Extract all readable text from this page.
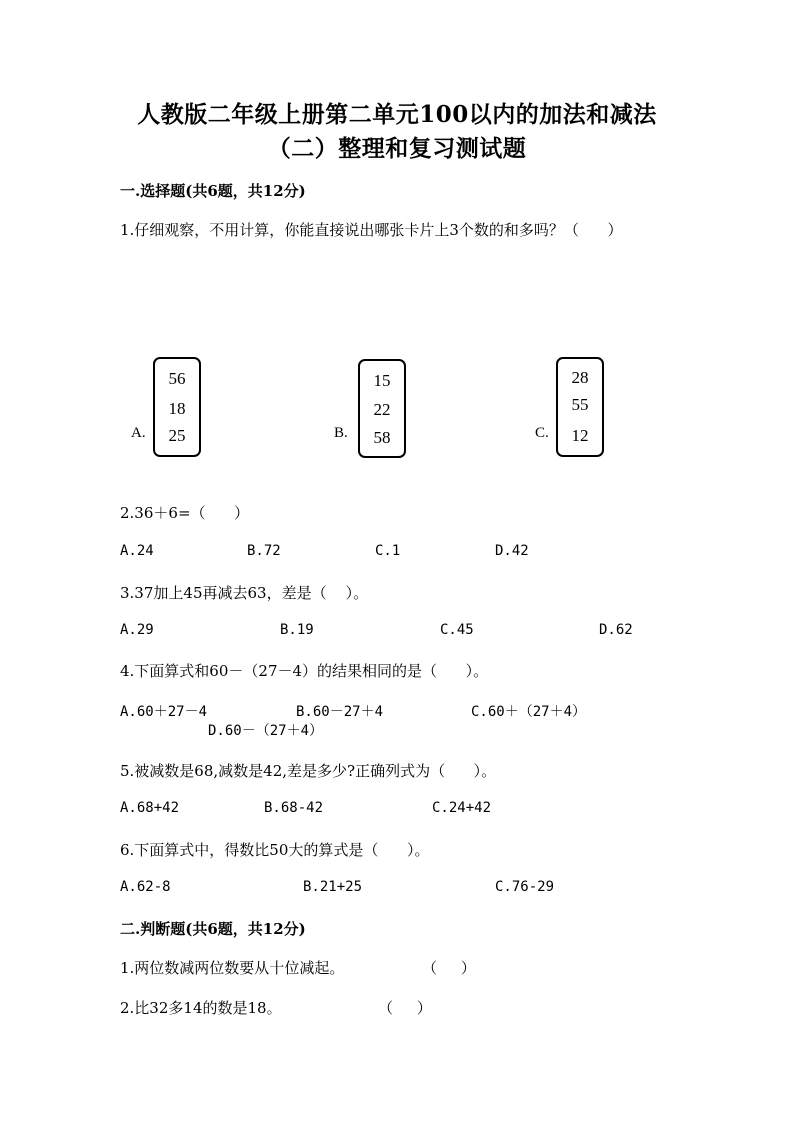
人教版二年级上册第二单元100以内的加法和减法
（二）整理和复习测试题
一.选择题(共6题，共12分)
1.仔细观察，不用计算，你能直接说出哪张卡片上3个数的和多吗？（      ）
A.
56
18
25	B.
15
22
58	C.
28
55
12
2.36＋6=（      ）
A.24	B.72	C.1	D.42
3.37加上45再减去63，差是（    ）。
A.29	B.19	C.45	D.62
4.下面算式和60－（27－4）的结果相同的是（      ）。
A.60＋27－4	B.60－27＋4	C.60＋（27＋4）
D.60－（27＋4）
5.被减数是68,减数是42,差是多少?正确列式为（      ）。
A.68+42	B.68-42	C.24+42
6.下面算式中，得数比50大的算式是（      ）。
A.62-8	B.21+25	C.76-29
二.判断题(共6题，共12分)
1.两位数减两位数要从十位减起。	（     ）
2.比32多14的数是18。	（     ）
